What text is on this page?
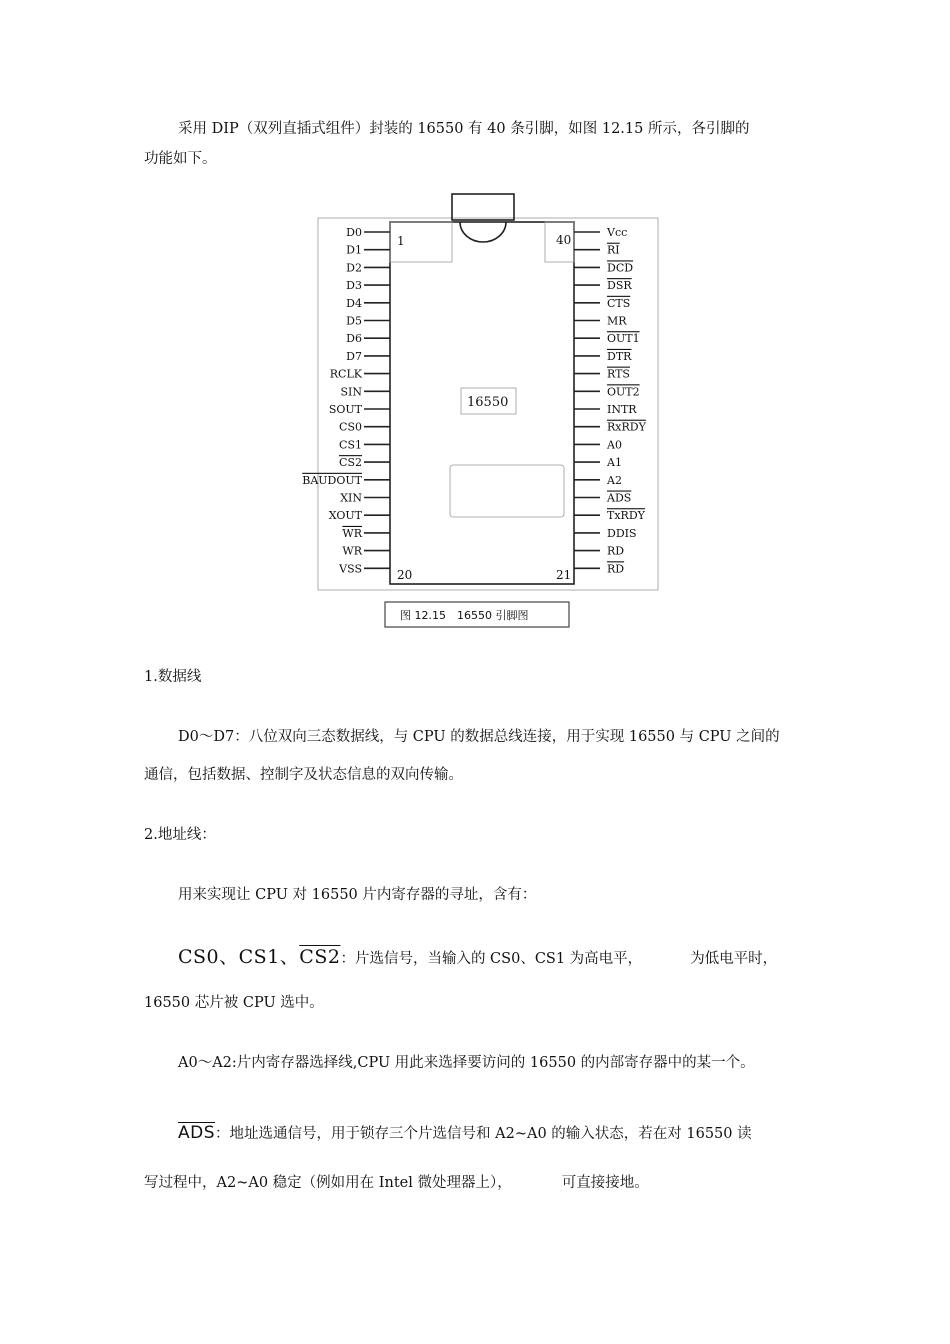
采用 DIP（双列直插式组件）封装的 16550 有 40 条引脚，如图 12.15 所示，各引脚的

功能如下。

1	40
20	21
16550
D0
D1
D2
D3
D4
D5
D6
D7
RCLK
SIN
SOUT
CS0
CS1
CS2
BAUDOUT
XIN
XOUT
WR
WR
VSS
Vcc
RI
DCD
DSR
CTS
MR
OUT1
DTR
RTS
OUT2
INTR
RxRDY
A0
A1
A2
ADS
TxRDY
DDIS
RD
RD
图 12.15　16550 引脚图

1.数据线

D0～D7：八位双向三态数据线，与 CPU 的数据总线连接，用于实现 16550 与 CPU 之间的

通信，包括数据、控制字及状态信息的双向传输。

2.地址线：

用来实现让 CPU 对 16550 片内寄存器的寻址，含有：

CS0、CS1、CS2：片选信号，当输入的 CS0、CS1 为高电平，	为低电平时，

16550 芯片被 CPU 选中。

A0～A2:片内寄存器选择线,CPU 用此来选择要访问的 16550 的内部寄存器中的某一个。

$\overline{ADS}$：地址选通信号，用于锁存三个片选信号和 A2~A0 的输入状态，若在对 16550 读

写过程中，A2~A0 稳定（例如用在 Intel 微处理器上），	可直接接地。
